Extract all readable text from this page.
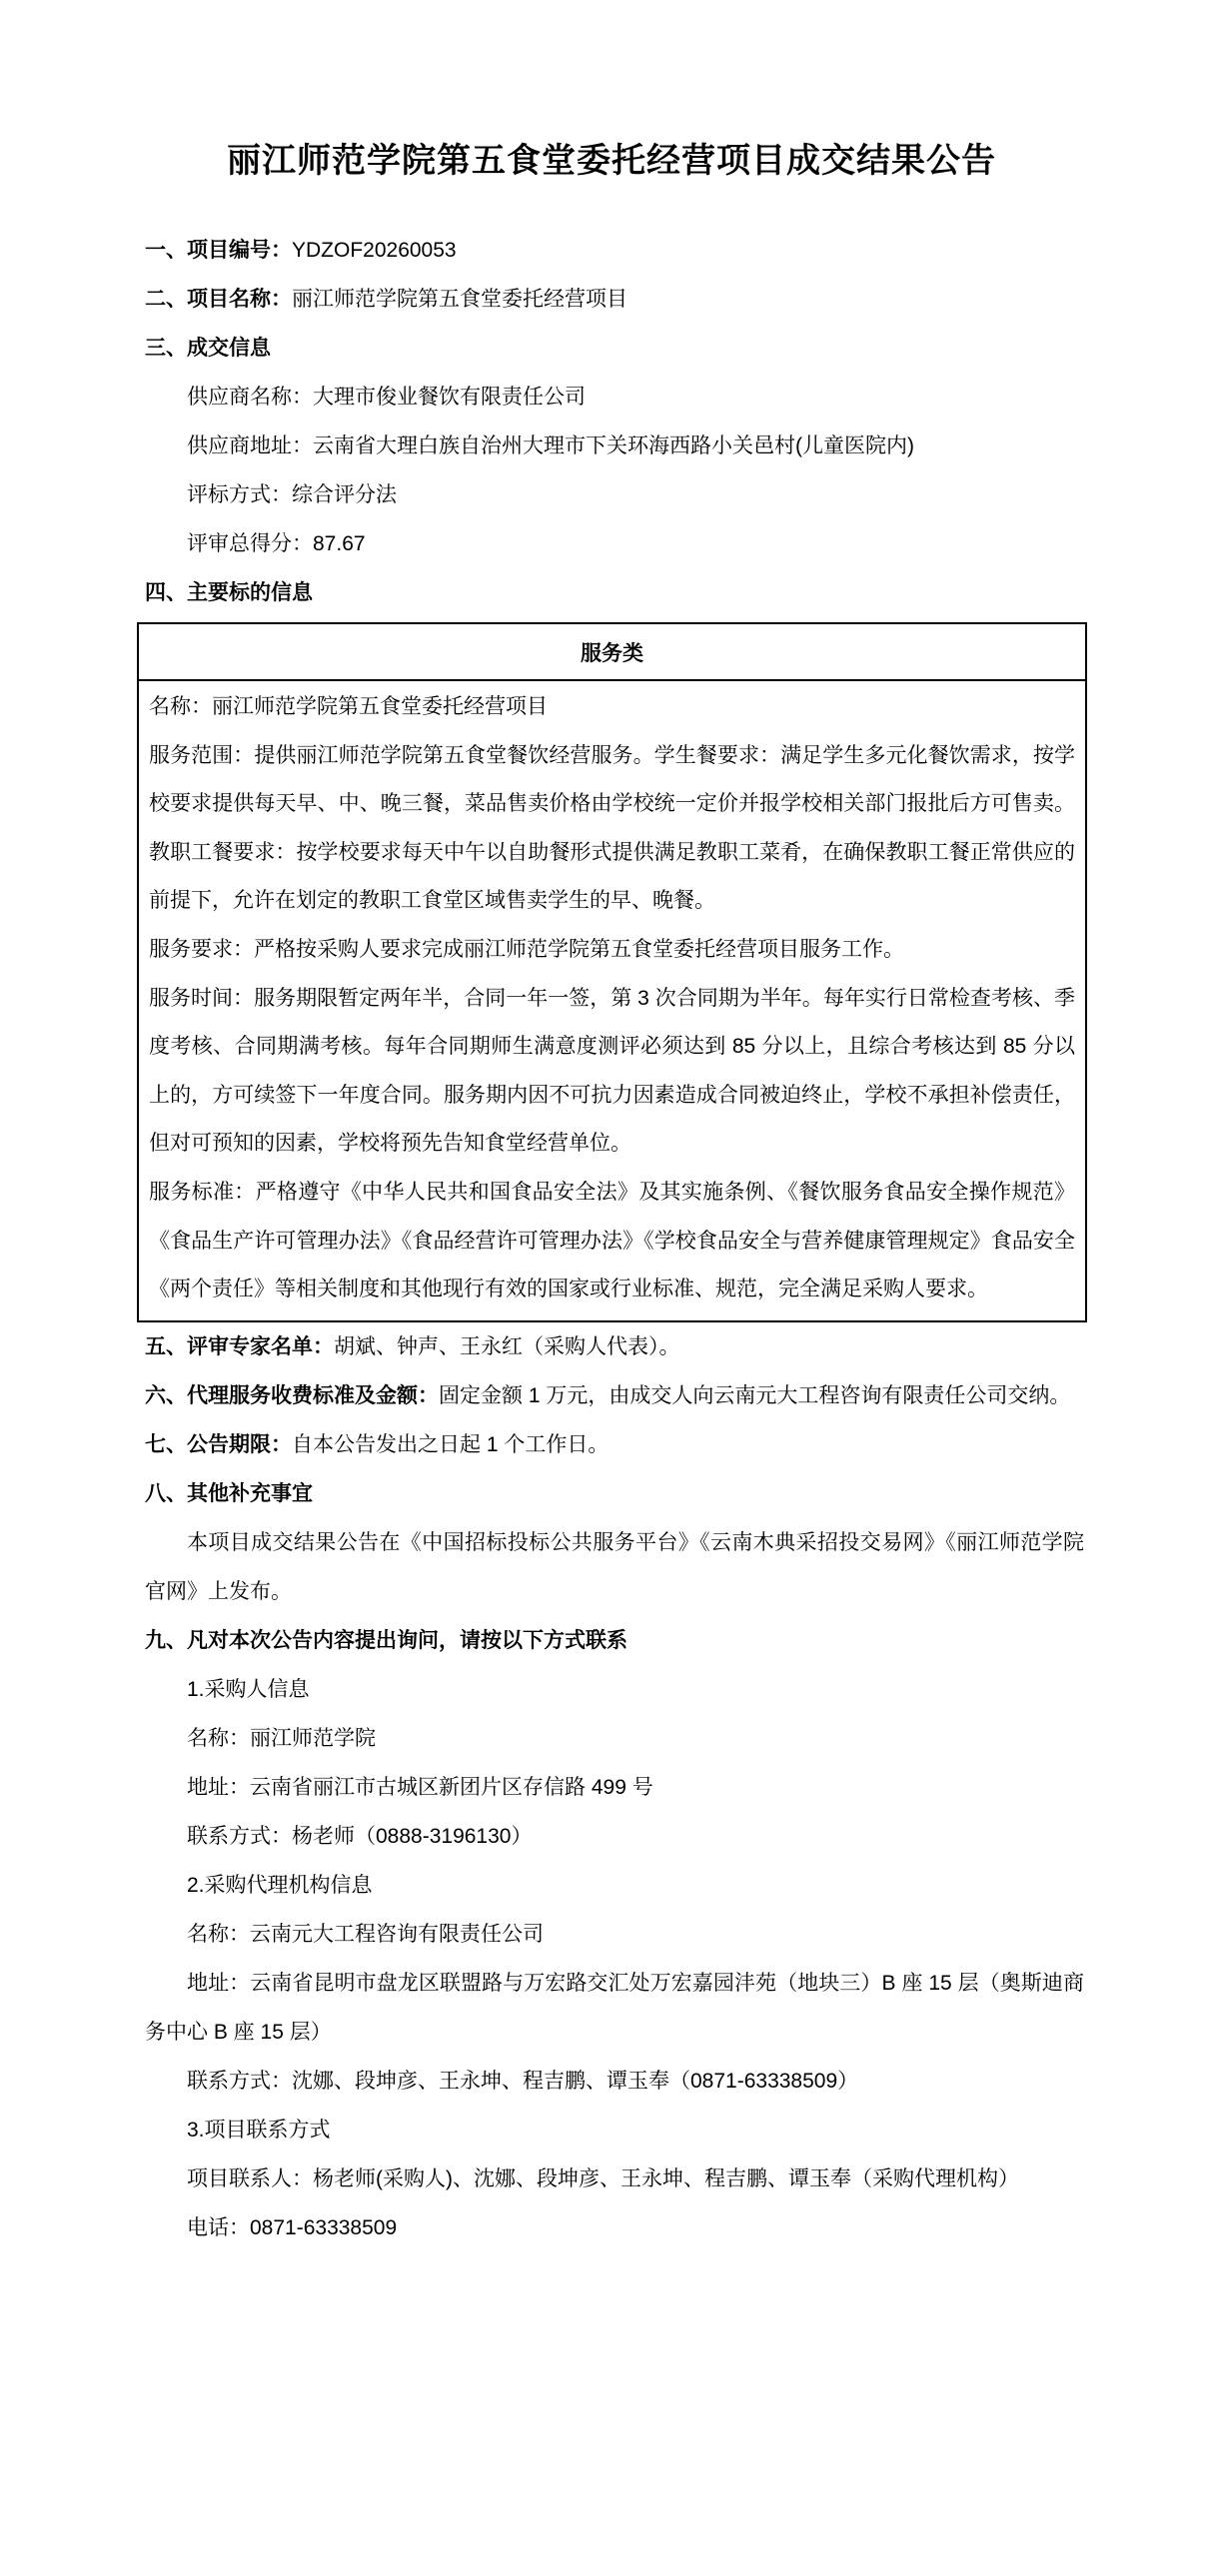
丽江师范学院第五食堂委托经营项目成交结果公告

一、项目编号：YDZOF20260053

二、项目名称：丽江师范学院第五食堂委托经营项目

三、成交信息

供应商名称：大理市俊业餐饮有限责任公司

供应商地址：云南省大理白族自治州大理市下关环海西路小关邑村(儿童医院内)

评标方式：综合评分法

评审总得分：87.67

四、主要标的信息

服务类

名称：丽江师范学院第五食堂委托经营项目

服务范围：提供丽江师范学院第五食堂餐饮经营服务。学生餐要求：满足学生多元化餐饮需求，按学校要求提供每天早、中、晚三餐，菜品售卖价格由学校统一定价并报学校相关部门报批后方可售卖。教职工餐要求：按学校要求每天中午以自助餐形式提供满足教职工菜肴，在确保教职工餐正常供应的前提下，允许在划定的教职工食堂区域售卖学生的早、晚餐。

服务要求：严格按采购人要求完成丽江师范学院第五食堂委托经营项目服务工作。

服务时间：服务期限暂定两年半，合同一年一签，第 3 次合同期为半年。每年实行日常检查考核、季度考核、合同期满考核。每年合同期师生满意度测评必须达到 85 分以上，且综合考核达到 85 分以上的，方可续签下一年度合同。服务期内因不可抗力因素造成合同被迫终止，学校不承担补偿责任，但对可预知的因素，学校将预先告知食堂经营单位。

服务标准：严格遵守《中华人民共和国食品安全法》及其实施条例、《餐饮服务食品安全操作规范》《食品生产许可管理办法》《食品经营许可管理办法》《学校食品安全与营养健康管理规定》食品安全《两个责任》等相关制度和其他现行有效的国家或行业标准、规范，完全满足采购人要求。

五、评审专家名单：胡斌、钟声、王永红（采购人代表）。

六、代理服务收费标准及金额：固定金额 1 万元，由成交人向云南元大工程咨询有限责任公司交纳。

七、公告期限：自本公告发出之日起 1 个工作日。

八、其他补充事宜

本项目成交结果公告在《中国招标投标公共服务平台》《云南木典采招投交易网》《丽江师范学院官网》上发布。

九、凡对本次公告内容提出询问，请按以下方式联系

1.采购人信息

名称：丽江师范学院

地址：云南省丽江市古城区新团片区存信路 499 号

联系方式：杨老师（0888-3196130）

2.采购代理机构信息

名称：云南元大工程咨询有限责任公司

地址：云南省昆明市盘龙区联盟路与万宏路交汇处万宏嘉园沣苑（地块三）B 座 15 层（奥斯迪商务中心 B 座 15 层）

联系方式：沈娜、段坤彦、王永坤、程吉鹏、谭玉奉（0871-63338509）

3.项目联系方式

项目联系人：杨老师(采购人)、沈娜、段坤彦、王永坤、程吉鹏、谭玉奉（采购代理机构）

电话：0871-63338509
